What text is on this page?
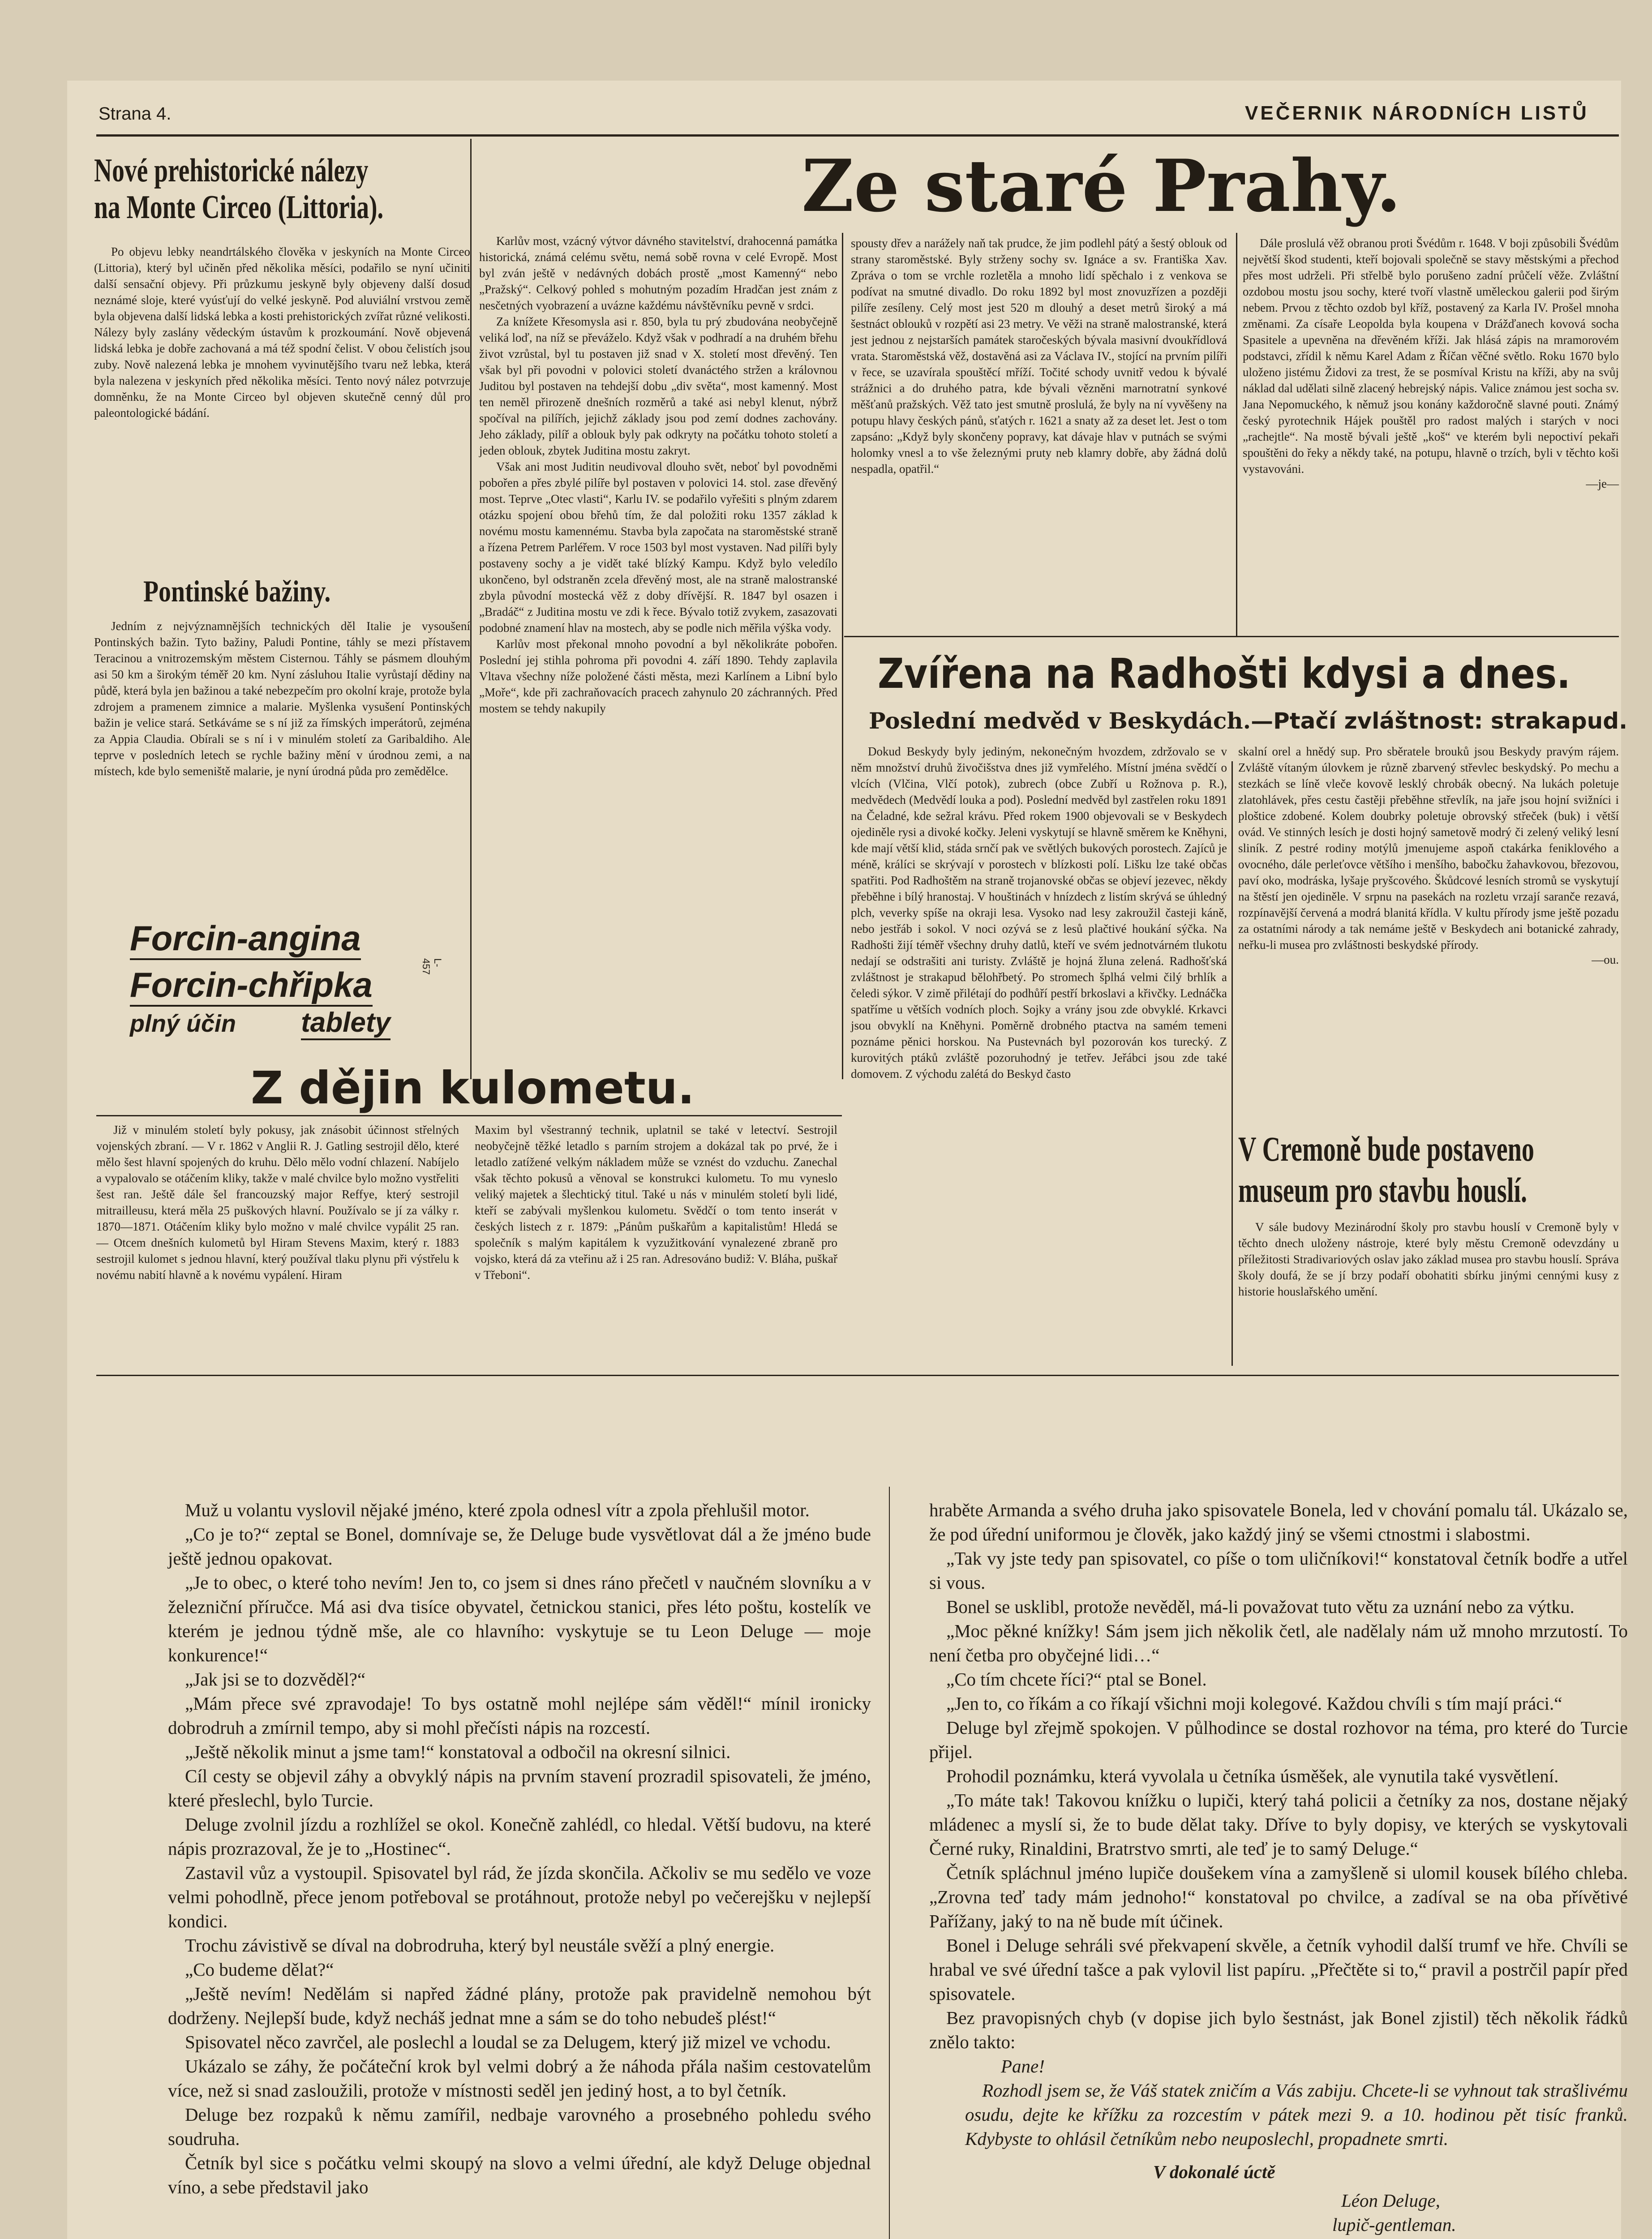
Strana 4.	VEČERNIK NÁRODNÍCH LISTŮ
Nové prehistorické nálezy
na Monte Circeo (Littoria).

Po objevu lebky neandrtálského člověka v jeskyních na Monte Circeo (Littoria), který byl učiněn před několika měsíci, podařilo se nyní učiniti další sensační objevy. Při průzkumu jeskyně byly objeveny další dosud neznámé sloje, které vyúsťují do velké jeskyně. Pod aluviální vrstvou země byla objevena další lidská lebka a kosti prehistorických zvířat různé velikosti. Nálezy byly zaslány vědeckým ústavům k prozkoumání. Nově objevená lidská lebka je dobře zachovaná a má též spodní čelist. V obou čelistích jsou zuby. Nově nalezená lebka je mnohem vyvinutějšího tvaru než lebka, která byla nalezena v jeskyních před několika měsíci. Tento nový nález potvrzuje domněnku, že na Monte Circeo byl objeven skutečně cenný důl pro paleontologické bádání.

Pontinské bažiny.

Jedním z nejvýznamnějších technických děl Italie je vysoušení Pontinských bažin. Tyto bažiny, Paludi Pontine, táhly se mezi přístavem Teracinou a vnitrozemským městem Cisternou. Táhly se pásmem dlouhým asi 50 km a širokým téměř 20 km. Nyní zásluhou Italie vyrůstají dědiny na půdě, která byla jen bažinou a také nebezpečím pro okolní kraje, protože byla zdrojem a pramenem zimnice a malarie. Myšlenka vysušení Pontinských bažin je velice stará. Setkáváme se s ní již za římských imperátorů, zejména za Appia Claudia. Obírali se s ní i v minulém století za Garibaldiho. Ale teprve v posledních letech se rychle bažiny mění v úrodnou zemi, a na místech, kde bylo semeniště malarie, je nyní úrodná půda pro zemědělce.

Forcin-angina
Forcin-chřipka
plný účin tablety
L-457

Karlův most, vzácný výtvor dávného stavitelství, drahocenná památka historická, známá celému světu, nemá sobě rovna v celé Evropě. Most byl zván ještě v nedávných dobách prostě „most Kamenný“ nebo „Pražský“. Celkový pohled s mohutným pozadím Hradčan jest znám z nesčetných vyobrazení a uvázne každému návštěvníku pevně v srdci.

Za knížete Křesomysla asi r. 850, byla tu prý zbudována neobyčejně veliká loď, na níž se převáželo. Když však v podhradí a na druhém břehu život vzrůstal, byl tu postaven již snad v X. století most dřevěný. Ten však byl při povodni v polovici století dvanáctého stržen a královnou Juditou byl postaven na tehdejší dobu „div světa“, most kamenný. Most ten neměl přirozeně dnešních rozměrů a také asi nebyl klenut, nýbrž spočíval na pilířích, jejichž základy jsou pod zemí dodnes zachovány. Jeho základy, pilíř a oblouk byly pak odkryty na počátku tohoto století a jeden oblouk, zbytek Juditina mostu zakryt.

Však ani most Juditin neudivoval dlouho svět, neboť byl povodněmi pobořen a přes zbylé pilíře byl postaven v polovici 14. stol. zase dřevěný most. Teprve „Otec vlasti“, Karlu IV. se podařilo vyřešiti s plným zdarem otázku spojení obou břehů tím, že dal položiti roku 1357 základ k novému mostu kamennému. Stavba byla započata na staroměstské straně a řízena Petrem Parléřem. V roce 1503 byl most vystaven. Nad pilíři byly postaveny sochy a je vidět také blízký Kampu. Když bylo veledílo ukončeno, byl odstraněn zcela dřevěný most, ale na straně malostranské zbyla původní mostecká věž z doby dřívější. R. 1847 byl osazen i „Bradáč“ z Juditina mostu ve zdi k řece. Bývalo totiž zvykem, zasazovati podobné znamení hlav na mostech, aby se podle nich měřila výška vody.

Karlův most překonal mnoho povodní a byl několikráte pobořen. Poslední jej stihla pohroma při povodni 4. září 1890. Tehdy zaplavila Vltava všechny níže položené části města, mezi Karlínem a Libní bylo „Moře“, kde při zachraňovacích pracech zahynulo 20 záchranných. Před mostem se tehdy nakupily

Ze staré Prahy.

spousty dřev a narážely naň tak prudce, že jim podlehl pátý a šestý oblouk od strany staroměstské. Byly strženy sochy sv. Ignáce a sv. Františka Xav. Zpráva o tom se vrchle rozletěla a mnoho lidí spěchalo i z venkova se podívat na smutné divadlo. Do roku 1892 byl most znovuzřízen a později pilíře zesíleny. Celý most jest 520 m dlouhý a deset metrů široký a má šestnáct oblouků v rozpětí asi 23 metry. Ve věži na straně malostranské, která jest jednou z nejstarších památek staročeských bývala masivní dvoukřídlová vrata. Staroměstská věž, dostavěná asi za Václava IV., stojící na prvním pilíři v řece, se uzavírala spouštěcí mříží. Točité schody uvnitř vedou k bývalé strážnici a do druhého patra, kde bývali vězněni marnotratní synkové měšťanů pražských. Věž tato jest smutně proslulá, že byly na ní vyvěšeny na potupu hlavy českých pánů, sťatých r. 1621 a snaty až za deset let. Jest o tom zapsáno: „Když byly skončeny popravy, kat dávaje hlav v putnách se svými holomky vnesl a to vše železnými pruty neb klamry dobře, aby žádná dolů nespadla, opatřil.“

Dále proslulá věž obranou proti Švédům r. 1648. V boji způsobili Švédům největší škod studenti, kteří bojovali společně se stavy městskými a přechod přes most udrželi. Při střelbě bylo porušeno zadní průčelí věže. Zvláštní ozdobou mostu jsou sochy, které tvoří vlastně uměleckou galerii pod širým nebem. Prvou z těchto ozdob byl kříž, postavený za Karla IV. Prošel mnoha změnami. Za císaře Leopolda byla koupena v Drážďanech kovová socha Spasitele a upevněna na dřevěném kříži. Jak hlásá zápis na mramorovém podstavci, zřídil k němu Karel Adam z Říčan věčné světlo. Roku 1670 bylo uloženo jistému Židovi za trest, že se posmíval Kristu na kříži, aby na svůj náklad dal udělati silně zlacený hebrejský nápis. Valice známou jest socha sv. Jana Nepomuckého, k němuž jsou konány každoročně slavné pouti. Známý český pyrotechnik Hájek pouštěl pro radost malých i starých v noci „rachejtle“. Na mostě bývali ještě „koš“ ve kterém byli nepoctiví pekaři spouštěni do řeky a někdy také, na potupu, hlavně o trzích, byli v těchto koši vystavováni.

—je—
Zvířena na Radhošti kdysi a dnes.
Poslední medvěd v Beskydách.—Ptačí zvláštnost: strakapud.

Dokud Beskydy byly jediným, nekonečným hvozdem, zdržovalo se v něm množství druhů živočišstva dnes již vymřelého. Místní jména svědčí o vlcích (Vlčina, Vlčí potok), zubrech (obce Zubří u Rožnova p. R.), medvědech (Medvědí louka a pod). Poslední medvěd byl zastřelen roku 1891 na Čeladné, kde sežral krávu. Před rokem 1900 objevovali se v Beskydech ojediněle rysi a divoké kočky. Jeleni vyskytují se hlavně směrem ke Kněhyni, kde mají větší klid, stáda srnčí pak ve světlých bukových porostech. Zajíců je méně, králíci se skrývají v porostech v blízkosti polí. Lišku lze také občas spatřiti. Pod Radhoštěm na straně trojanovské občas se objeví jezevec, někdy přeběhne i bílý hranostaj. V houštinách v hnízdech z listím skrývá se úhledný plch, veverky spíše na okraji lesa. Vysoko nad lesy zakroužil časteji káně, nebo jestřáb i sokol. V noci ozývá se z lesů plačtivé houkání sýčka. Na Radhošti žijí téměř všechny druhy datlů, kteří ve svém jednotvárném tlukotu nedají se odstrašiti ani turisty. Zvláště je hojná žluna zelená. Radhošťská zvláštnost je strakapud bělohřbetý. Po stromech šplhá velmi čilý brhlík a čeledi sýkor. V zimě přilétají do podhůří pestří brkoslavi a křivčky. Lednáčka spatříme u větších vodních ploch. Sojky a vrány jsou zde obvyklé. Krkavci jsou obvyklí na Kněhyni. Poměrně drobného ptactva na samém temeni poznáme pěnici horskou. Na Pustevnách byl pozorován kos turecký. Z kurovitých ptáků zvláště pozoruhodný je tetřev. Jeřábci jsou zde také domovem. Z východu zalétá do Beskyd často

skalní orel a hnědý sup. Pro sběratele brouků jsou Beskydy pravým rájem. Zvláště vítaným úlovkem je různě zbarvený střevlec beskydský. Po mechu a stezkách se líně vleče kovově lesklý chrobák obecný. Na lukách poletuje zlatohlávek, přes cestu častěji přeběhne střevlík, na jaře jsou hojní svižníci i plošticе zdobené. Kolem doubrky poletuje obrovský střeček (buk) i větší ovád. Ve stinných lesích je dosti hojný sametově modrý či zelený veliký lesní sliník. Z pestré rodiny motýlů jmenujeme aspoň ctakárka feniklového a ovocného, dále perleťovce většího i menšího, babočku žahavkovou, březovou, paví oko, modráska, lyšaje pryšcového. Škůdcové lesních stromů se vyskytují na štěstí jen ojediněle. V srpnu na pasekách na rozletu vrzají sarančе rezavá, rozpínavější červená a modrá blanitá křídla. V kultu přírody jsme ještě pozadu za ostatními národy a tak nemáme ještě v Beskydech ani botanické zahrady, neřku-li musea pro zvláštnosti beskydské přírody.

—ou.
V Cremoně bude postaveno
museum pro stavbu houslí.

V sále budovy Mezinárodní školy pro stavbu houslí v Cremoně byly v těchto dnech uloženy nástroje, které byly městu Cremoně odevzdány u příležitosti Stradivariových oslav jako základ musea pro stavbu houslí. Správa školy doufá, že se jí brzy podaří obohatiti sbírku jinými cennými kusy z historie houslařského umění.

Z dějin kulometu.

Již v minulém století byly pokusy, jak znásobit účinnost střelných vojenských zbraní. — V r. 1862 v Anglii R. J. Gatling sestrojil dělo, které mělo šest hlavní spojených do kruhu. Dělo mělo vodní chlazení. Nabíjelo a vypalovalo se otáčením kliky, takže v malé chvilce bylo možno vystřeliti šest ran. Ještě dále šel francouzský major Reffye, který sestrojil mitrailleusu, která měla 25 puškových hlavní. Používalo se jí za války r. 1870—1871. Otáčením kliky bylo možno v malé chvilce vypálit 25 ran. — Otcem dnešních kulometů byl Hiram Stevens Maxim, který r. 1883 sestrojil kulomet s jednou hlavní, který používal tlaku plynu při výstřelu k novému nabití hlavně a k novému vypálení. Hiram

Maxim byl všestranný technik, uplatnil se také v letectví. Sestrojil neobyčejně těžké letadlo s parním strojem a dokázal tak po prvé, že i letadlo zatížené velkým nákladem může se vznést do vzduchu. Zanechal však těchto pokusů a věnoval se konstrukci kulometu. To mu vyneslo veliký majetek a šlechtický titul. Také u nás v minulém století byli lidé, kteří se zabývali myšlenkou kulometu. Svědčí o tom tento inserát v českých listech z r. 1879: „Pánům puškařům a kapitalistům! Hledá se společník s malým kapitálem k vyzužitkování vynalezené zbraně pro vojsko, která dá za vteřinu až i 25 ran. Adresováno budiž: V. Bláha, puškař v Třeboni“.

Muž u volantu vyslovil nějaké jméno, které zpola odnesl vítr a zpola přehlušil motor.

„Co je to?“ zeptal se Bonel, domnívaje se, že Deluge bude vysvětlovat dál a že jméno bude ještě jednou opakovat.

„Je to obec, o které toho nevím! Jen to, co jsem si dnes ráno přečetl v naučném slovníku a v železniční příručce. Má asi dva tisíce obyvatel, četnickou stanici, přes léto poštu, kostelík ve kterém je jednou týdně mše, ale co hlavního: vyskytuje se tu Leon Deluge — moje konkurence!“

„Jak jsi se to dozvěděl?“

„Mám přece své zpravodaje! To bys ostatně mohl nejlépe sám věděl!“ mínil ironicky dobrodruh a zmírnil tempo, aby si mohl přečísti nápis na rozcestí.

„Ještě několik minut a jsme tam!“ konstatoval a odbočil na okresní silnici.

Cíl cesty se objevil záhy a obvyklý nápis na prvním stavení prozradil spisovateli, že jméno, které přeslechl, bylo Turcie.

Deluge zvolnil jízdu a rozhlížel se okol. Konečně zahlédl, co hledal. Větší budovu, na které nápis prozrazoval, že je to „Hostinec“.

Zastavil vůz a vystoupil. Spisovatel byl rád, že jízda skončila. Ačkoliv se mu sedělo ve voze velmi pohodlně, přece jenom potřeboval se protáhnout, protože nebyl po večerejšku v nejlepší kondici.

Trochu závistivě se díval na dobrodruha, který byl neustále svěží a plný energie.

„Co budeme dělat?“

„Ještě nevím! Nedělám si napřed žádné plány, protože pak pravidelně nemohou být dodrženy. Nejlepší bude, když necháš jednat mne a sám se do toho nebudeš plést!“

Spisovatel něco zavrčel, ale poslechl a loudal se za Delugem, který již mizel ve vchodu.

Ukázalo se záhy, že počáteční krok byl velmi dobrý a že náhoda přála našim cestovatelům více, než si snad zasloužili, protože v místnosti seděl jen jediný host, a to byl četník.

Deluge bez rozpaků k němu zamířil, nedbaje varovného a prosebného pohledu svého soudruha.

Četník byl sice s počátku velmi skoupý na slovo a velmi úřední, ale když Deluge objednal víno, a sebe představil jako

hraběte Armanda a svého druha jako spisovatele Bonela, led v chování pomalu tál. Ukázalo se, že pod úřední uniformou je člověk, jako každý jiný se všemi ctnostmi i slabostmi.

„Tak vy jste tedy pan spisovatel, co píše o tom uličníkovi!“ konstatoval četník bodře a utřel si vous.

Bonel se usklibl, protože nevěděl, má-li považovat tuto větu za uznání nebo za výtku.

„Moc pěkné knížky! Sám jsem jich několik četl, ale nadělaly nám už mnoho mrzutostí. To není četba pro obyčejné lidi…“

„Co tím chcete říci?“ ptal se Bonel.

„Jen to, co říkám a co říkají všichni moji kolegové. Každou chvíli s tím mají práci.“

Deluge byl zřejmě spokojen. V půlhodince se dostal rozhovor na téma, pro které do Turcie přijel.

Prohodil poznámku, která vyvolala u četníka úsměšek, ale vynutila také vysvětlení.

„To máte tak! Takovou knížku o lupiči, který tahá policii a četníky za nos, dostane nějaký mládenec a myslí si, že to bude dělat taky. Dříve to byly dopisy, ve kterých se vyskytovali Černé ruky, Rinaldini, Bratrstvo smrti, ale teď je to samý Deluge.“

Četník spláchnul jméno lupiče doušekem vína a zamyšleně si ulomil kousek bílého chleba. „Zrovna teď tady mám jednoho!“ konstatoval po chvilce, a zadíval se na oba přívětivé Pařížany, jaký to na ně bude mít účinek.

Bonel i Deluge sehráli své překvapení skvěle, a četník vyhodil další trumf ve hře. Chvíli se hrabal ve své úřední tašce a pak vylovil list papíru. „Přečtěte si to,“ pravil a postrčil papír před spisovatele.

Bez pravopisných chyb (v dopise jich bylo šestnást, jak Bonel zjistil) těch několik řádků znělo takto:

Pane!

Rozhodl jsem se, že Váš statek zničím a Vás zabiju. Chcete-li se vyhnout tak strašlivému osudu, dejte ke křížku za rozcestím v pátek mezi 9. a 10. hodinou pět tisíc franků. Kdybyste to ohlásil četníkům nebo neuposlechl, propadnete smrti.

V dokonalé úctě
Léon Deluge,
lupič-gentleman.
